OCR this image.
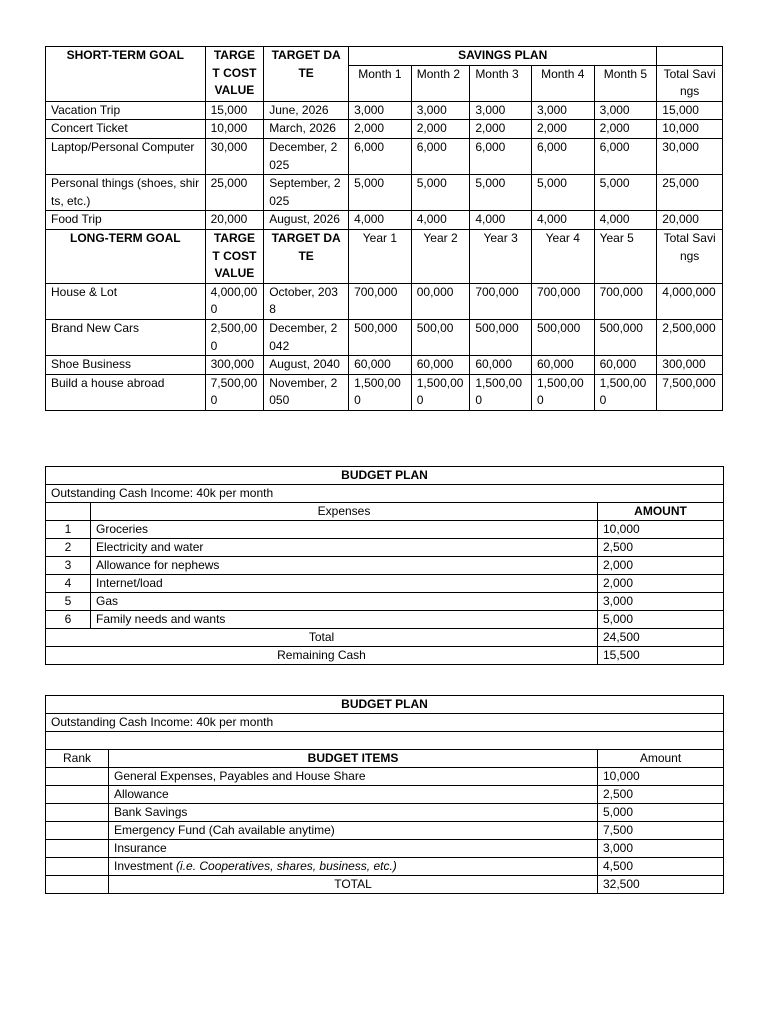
SHORT-TERM GOAL	TARGET COST VALUE	TARGET DATE	SAVINGS PLAN					
			Month 1	Month 2	Month 3	Month 4	Month 5	Total Savings
Vacation Trip	15,000	June, 2026	3,000	3,000	3,000	3,000	3,000	15,000
Concert Ticket	10,000	March, 2026	2,000	2,000	2,000	2,000	2,000	10,000
Laptop/Personal Computer	30,000	December, 2025	6,000	6,000	6,000	6,000	6,000	30,000
Personal things (shoes, shirts, etc.)	25,000	September, 2025	5,000	5,000	5,000	5,000	5,000	25,000
Food Trip	20,000	August, 2026	4,000	4,000	4,000	4,000	4,000	20,000
LONG-TERM GOAL	TARGET COST VALUE	TARGET DATE	Year 1	Year 2	Year 3	Year 4	Year 5	Total Savings
House & Lot	4,000,000	October, 2038	700,000	00,000	700,000	700,000	700,000	4,000,000
Brand New Cars	2,500,000	December, 2042	500,000	500,00	500,000	500,000	500,000	2,500,000
Shoe Business	300,000	August, 2040	60,000	60,000	60,000	60,000	60,000	300,000
Build a house abroad	7,500,000	November, 2050	1,500,000	1,500,000	1,500,000	1,500,000	1,500,000	7,500,000
BUDGET PLAN		
Outstanding Cash Income: 40k per month		
	Expenses	AMOUNT
1	Groceries	10,000
2	Electricity and water	2,500
3	Allowance for nephews	2,000
4	Internet/load	2,000
5	Gas	3,000
6	Family needs and wants	5,000
Total		24,500
Remaining Cash		15,500
BUDGET PLAN		
Outstanding Cash Income: 40k per month		

Rank	BUDGET ITEMS	Amount
	General Expenses, Payables and House Share	10,000
	Allowance	2,500
	Bank Savings	5,000
	Emergency Fund (Cah available anytime)	7,500
	Insurance	3,000
	Investment (i.e. Cooperatives, shares, business, etc.)	4,500
	TOTAL	32,500
